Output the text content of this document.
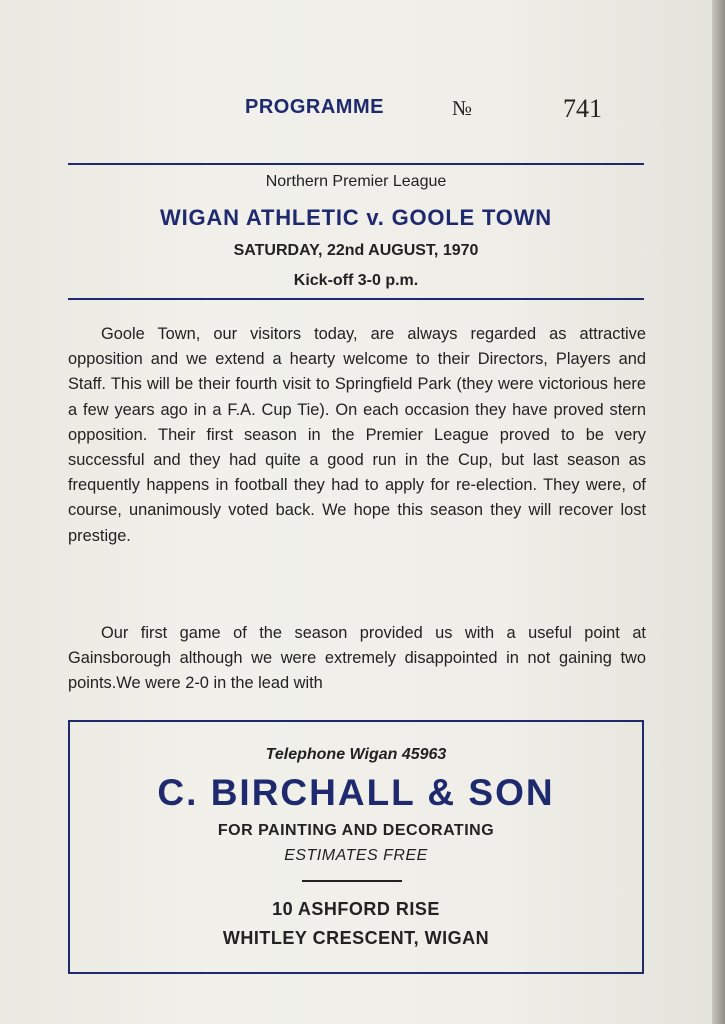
PROGRAMME	№	741
Northern Premier League
WIGAN ATHLETIC v. GOOLE TOWN
SATURDAY, 22nd AUGUST, 1970
Kick-off 3-0 p.m.

Goole Town, our visitors today, are always regarded as attractive opposition and we extend a hearty welcome to their Directors, Players and Staff. This will be their fourth visit to Springfield Park (they were victorious here a few years ago in a F.A. Cup Tie). On each occasion they have proved stern opposition. Their first season in the Premier League proved to be very successful and they had quite a good run in the Cup, but last season as frequently happens in football they had to apply for re-election. They were, of course, unanimously voted back. We hope this season they will recover lost prestige.

Our first game of the season provided us with a useful point at Gainsborough although we were extremely disappointed in not gaining two points.We were 2-0 in the lead with

Telephone Wigan 45963
C. BIRCHALL & SON
FOR PAINTING AND DECORATING
ESTIMATES FREE
10 ASHFORD RISE
WHITLEY CRESCENT, WIGAN
